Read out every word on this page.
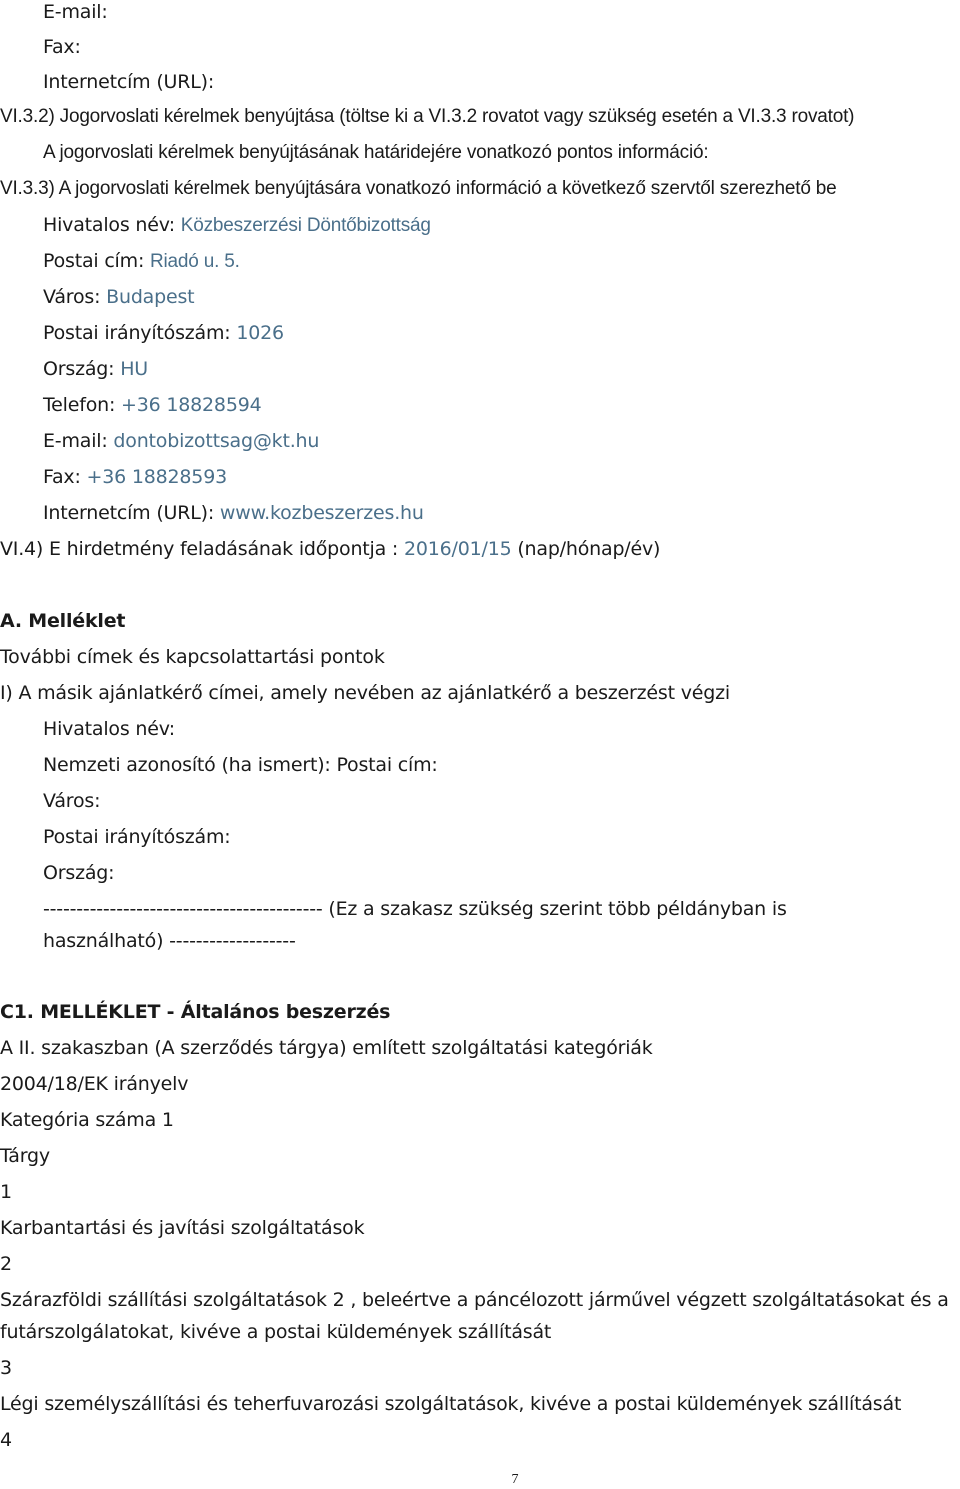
E-mail:
Fax:
Internetcím (URL):
VI.3.2) Jogorvoslati kérelmek benyújtása (töltse ki a VI.3.2 rovatot vagy szükség esetén a VI.3.3 rovatot)
A jogorvoslati kérelmek benyújtásának határidejére vonatkozó pontos információ:
VI.3.3) A jogorvoslati kérelmek benyújtására vonatkozó információ a következő szervtől szerezhető be
Hivatalos név: Közbeszerzési Döntőbizottság
Postai cím: Riadó u. 5.
Város: Budapest
Postai irányítószám: 1026
Ország: HU
Telefon: +36 18828594
E-mail: dontobizottsag@kt.hu
Fax: +36 18828593
Internetcím (URL): www.kozbeszerzes.hu
VI.4) E hirdetmény feladásának időpontja : 2016/01/15 (nap/hónap/év)
A. Melléklet
További címek és kapcsolattartási pontok
I) A másik ajánlatkérő címei, amely nevében az ajánlatkérő a beszerzést végzi
Hivatalos név:
Nemzeti azonosító (ha ismert): Postai cím:
Város:
Postai irányítószám:
Ország:
------------------------------------------ (Ez a szakasz szükség szerint több példányban is
használható) -------------------
C1. MELLÉKLET - Általános beszerzés
A II. szakaszban (A szerződés tárgya) említett szolgáltatási kategóriák
2004/18/EK irányelv
Kategória száma 1
Tárgy
1
Karbantartási és javítási szolgáltatások
2
Szárazföldi szállítási szolgáltatások 2 , beleértve a páncélozott járművel végzett szolgáltatásokat és a
futárszolgálatokat, kivéve a postai küldemények szállítását
3
Légi személyszállítási és teherfuvarozási szolgáltatások, kivéve a postai küldemények szállítását
4
7
